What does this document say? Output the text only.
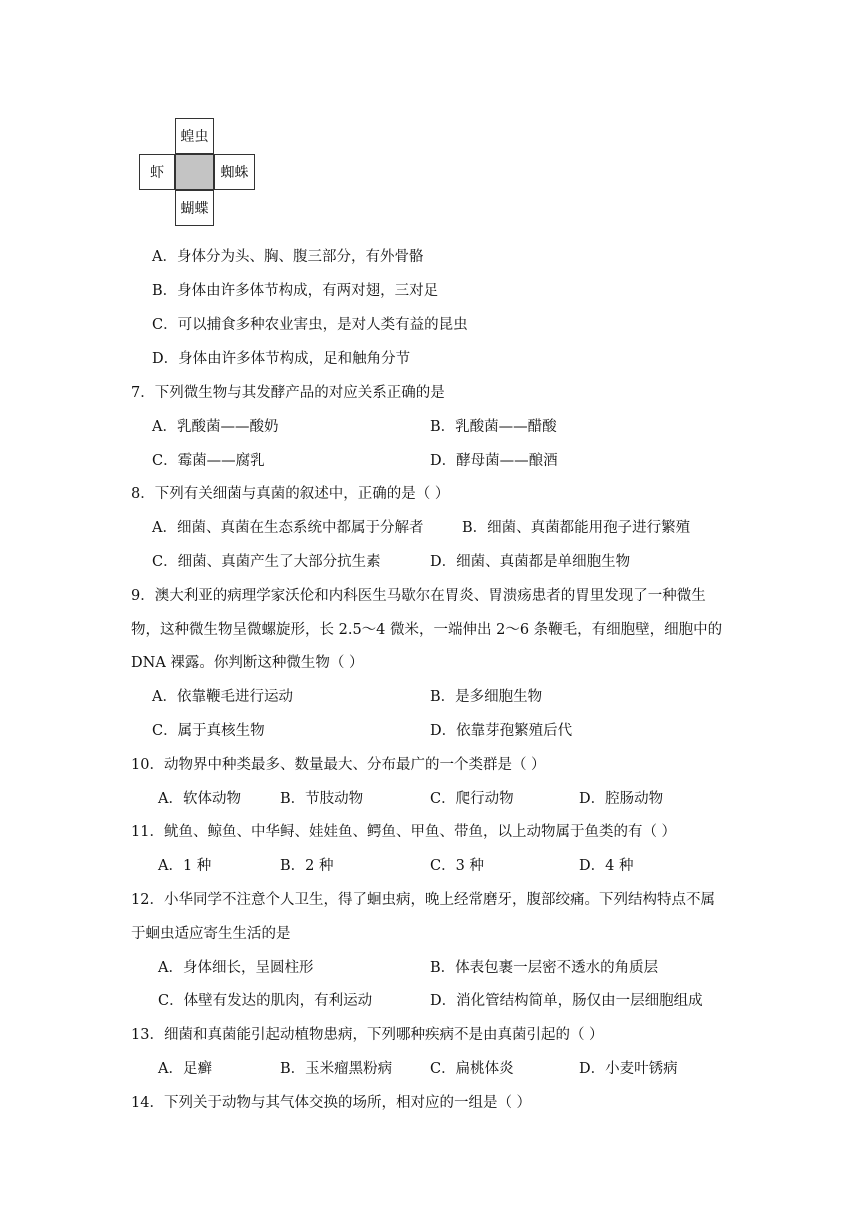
蝗虫
虾	蜘蛛
蝴蝶
A．身体分为头、胸、腹三部分，有外骨骼
B．身体由许多体节构成，有两对翅，三对足
C．可以捕食多种农业害虫，是对人类有益的昆虫
D．身体由许多体节构成，足和触角分节
7．下列微生物与其发酵产品的对应关系正确的是
A．乳酸菌——酸奶	B．乳酸菌——醋酸
C．霉菌——腐乳	D．酵母菌——酿酒
8．下列有关细菌与真菌的叙述中，正确的是（ ）
A．细菌、真菌在生态系统中都属于分解者	B．细菌、真菌都能用孢子进行繁殖
C．细菌、真菌产生了大部分抗生素	D．细菌、真菌都是单细胞生物
9．澳大利亚的病理学家沃伦和内科医生马歇尔在胃炎、胃溃疡患者的胃里发现了一种微生
物，这种微生物呈微螺旋形，长 2.5～4 微米，一端伸出 2～6 条鞭毛，有细胞壁，细胞中的
DNA 裸露。你判断这种微生物（ ）
A．依靠鞭毛进行运动	B．是多细胞生物
C．属于真核生物	D．依靠芽孢繁殖后代
10．动物界中种类最多、数量最大、分布最广的一个类群是（ ）
A．软体动物	B．节肢动物	C．爬行动物	D．腔肠动物
11．鱿鱼、鲸鱼、中华鲟、娃娃鱼、鳄鱼、甲鱼、带鱼，以上动物属于鱼类的有（ ）
A．1 种	B．2 种	C．3 种	D．4 种
12．小华同学不注意个人卫生，得了蛔虫病，晚上经常磨牙，腹部绞痛。下列结构特点不属
于蛔虫适应寄生生活的是
A．身体细长，呈圆柱形	B．体表包裹一层密不透水的角质层
C．体壁有发达的肌肉，有利运动	D．消化管结构简单，肠仅由一层细胞组成
13．细菌和真菌能引起动植物患病，下列哪种疾病不是由真菌引起的（ ）
A．足癣	B．玉米瘤黑粉病	C．扁桃体炎	D．小麦叶锈病
14．下列关于动物与其气体交换的场所，相对应的一组是（ ）
